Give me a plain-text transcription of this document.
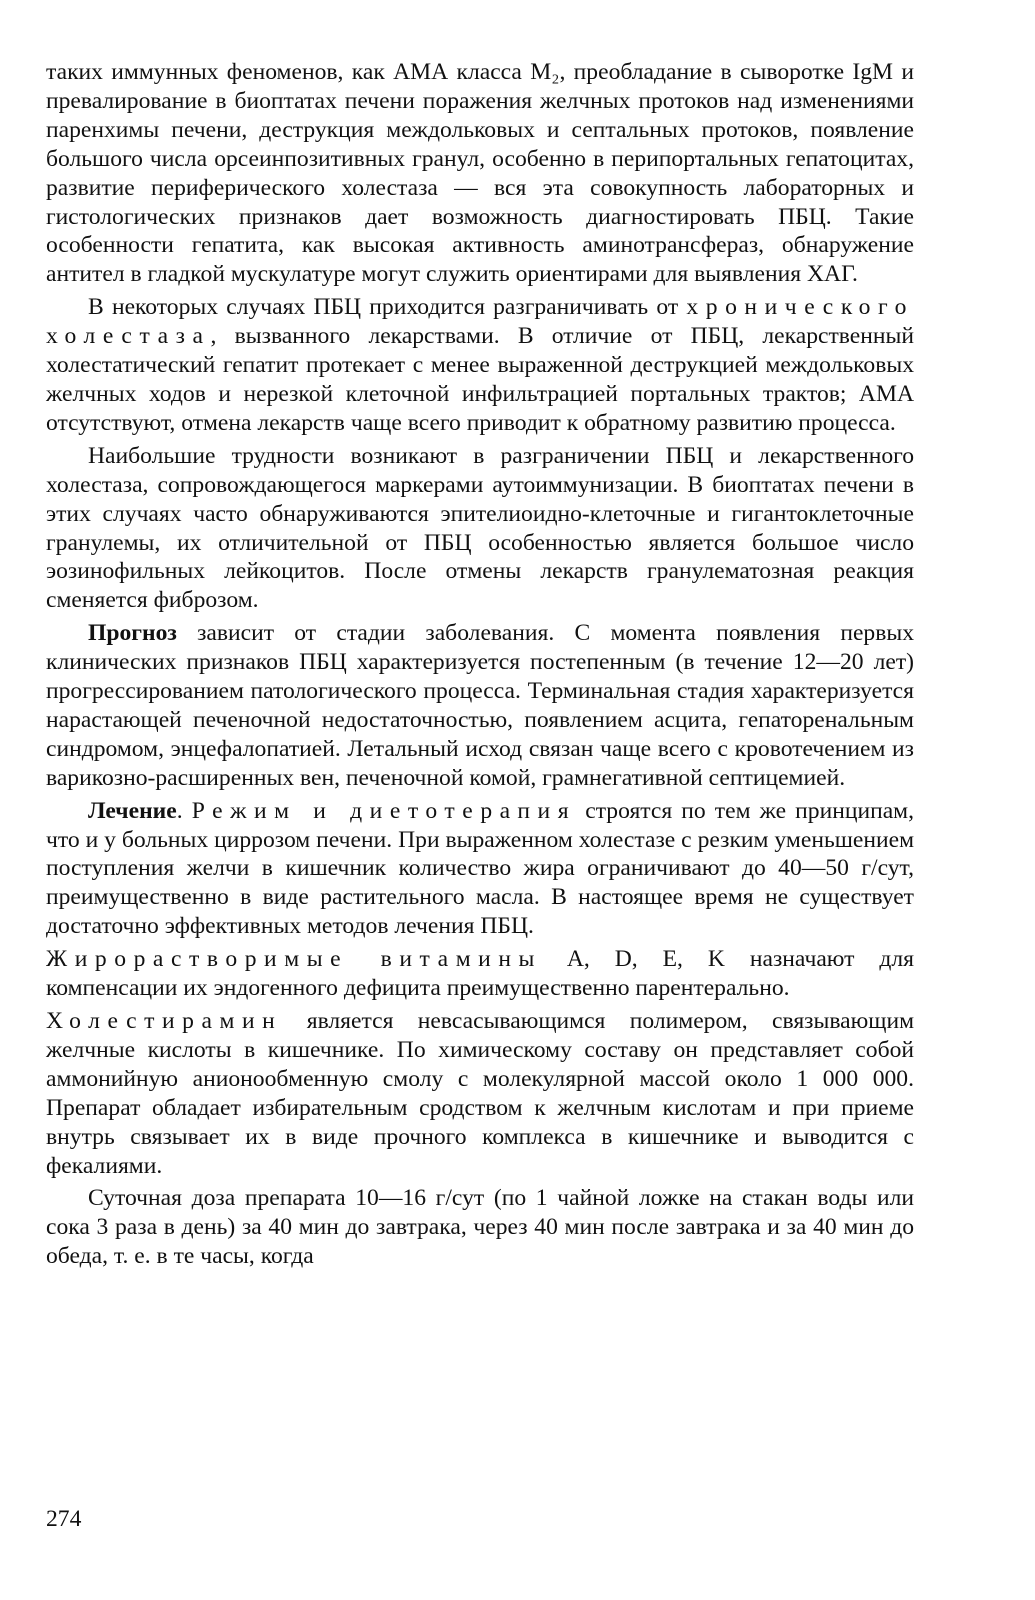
таких иммунных феноменов, как АМА класса M₂, преобладание в сыворотке IgM и превалирование в биоптатах печени поражения желчных протоков над изменениями паренхимы печени, деструкция междольковых и септальных протоков, появление большого числа орсеинпозитивных гранул, особенно в перипортальных гепатоцитах, развитие периферического холестаза — вся эта совокупность лабораторных и гистологических признаков дает возможность диагностировать ПБЦ. Такие особенности гепатита, как высокая активность аминотрансфераз, обнаружение антител в гладкой мускулатуре могут служить ориентирами для выявления ХАГ.

В некоторых случаях ПБЦ приходится разграничивать от хронического холестаза, вызванного лекарствами. В отличие от ПБЦ, лекарственный холестатический гепатит протекает с менее выраженной деструкцией междольковых желчных ходов и нерезкой клеточной инфильтрацией портальных трактов; АМА отсутствуют, отмена лекарств чаще всего приводит к обратному развитию процесса.

Наибольшие трудности возникают в разграничении ПБЦ и лекарственного холестаза, сопровождающегося маркерами аутоиммунизации. В биоптатах печени в этих случаях часто обнаруживаются эпителиоидно-клеточные и гигантоклеточные гранулемы, их отличительной от ПБЦ особенностью является большое число эозинофильных лейкоцитов. После отмены лекарств гранулематозная реакция сменяется фиброзом.

Прогноз зависит от стадии заболевания. С момента появления первых клинических признаков ПБЦ характеризуется постепенным (в течение 12—20 лет) прогрессированием патологического процесса. Терминальная стадия характеризуется нарастающей печеночной недостаточностью, появлением асцита, гепаторенальным синдромом, энцефалопатией. Летальный исход связан чаще всего с кровотечением из варикозно-расширенных вен, печеночной комой, грамнегативной септицемией.

Лечение. Режим и диетотерапия строятся по тем же принципам, что и у больных циррозом печени. При выраженном холестазе с резким уменьшением поступления желчи в кишечник количество жира ограничивают до 40—50 г/сут, преимущественно в виде растительного масла. В настоящее время не существует достаточно эффективных методов лечения ПБЦ.

Жирорастворимые витамины A, D, E, K назначают для компенсации их эндогенного дефицита преимущественно парентерально.

Холестирамин является невсасывающимся полимером, связывающим желчные кислоты в кишечнике. По химическому составу он представляет собой аммонийную анионообменную смолу с молекулярной массой около 1 000 000. Препарат обладает избирательным сродством к желчным кислотам и при приеме внутрь связывает их в виде прочного комплекса в кишечнике и выводится с фекалиями.

Суточная доза препарата 10—16 г/сут (по 1 чайной ложке на стакан воды или сока 3 раза в день) за 40 мин до завтрака, через 40 мин после завтрака и за 40 мин до обеда, т. е. в те часы, когда

274
